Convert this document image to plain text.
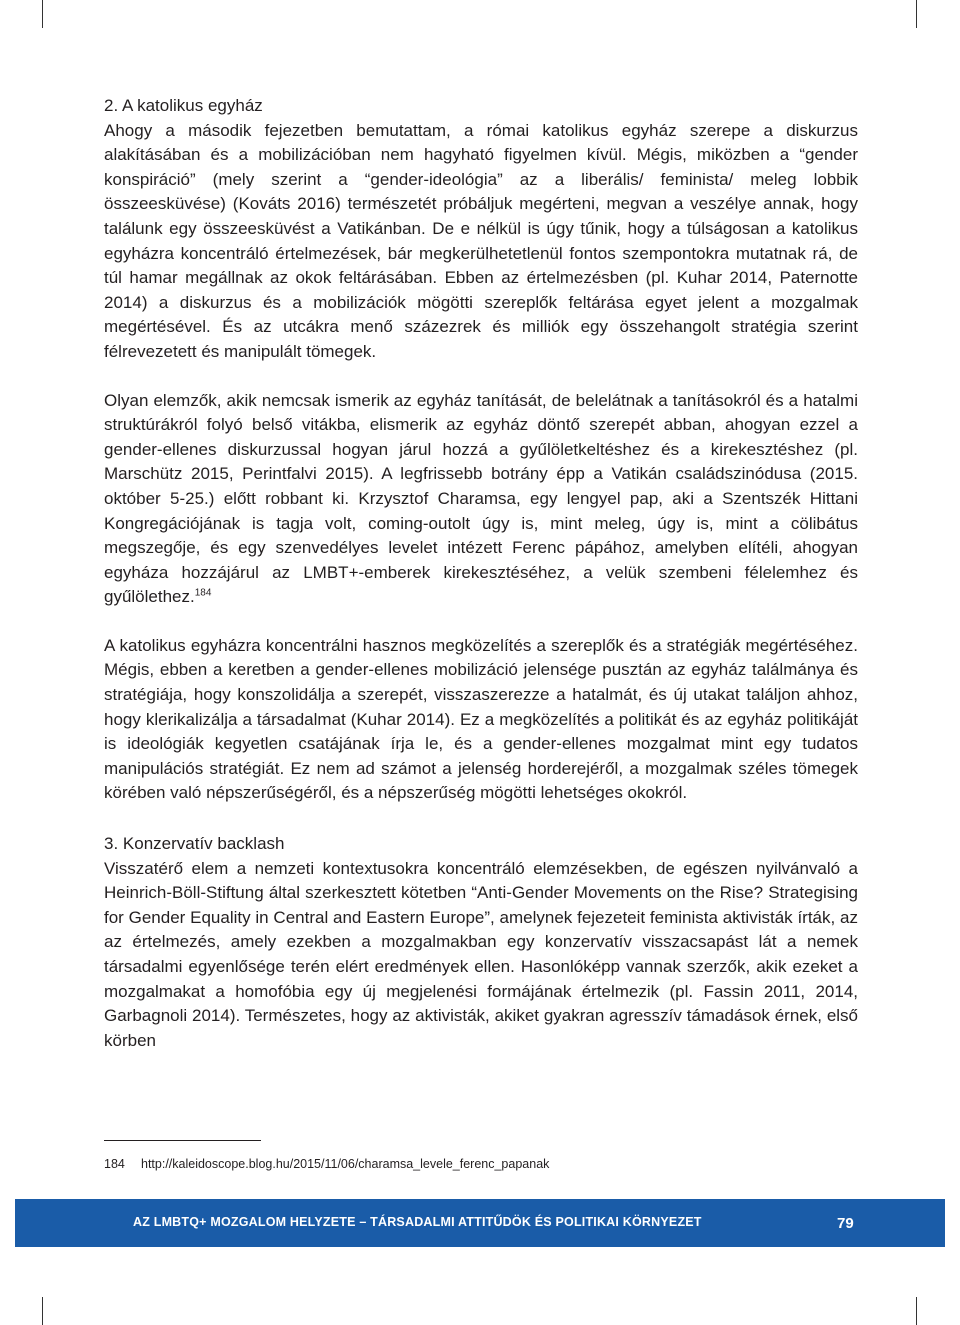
2. A katolikus egyház

Ahogy a második fejezetben bemutattam, a római katolikus egyház szerepe a diskurzus alakításában és a mobilizációban nem hagyható figyelmen kívül. Mégis, miközben a “gender konspiráció” (mely szerint a “gender-ideológia” az a liberális/ feminista/ meleg lobbik összeesküvése) (Kováts 2016) természetét próbáljuk megérteni, megvan a veszélye annak, hogy találunk egy összeesküvést a Vatikánban. De e nélkül is úgy tűnik, hogy a túlságosan a katolikus egyházra koncentráló értelmezések, bár megkerülhetetlenül fontos szempontokra mutatnak rá, de túl hamar megállnak az okok feltárásában. Ebben az értelmezésben (pl. Kuhar 2014, Paternotte 2014) a diskurzus és a mobilizációk mögötti szereplők feltárása egyet jelent a mozgalmak megértésével. És az utcákra menő százezrek és milliók egy összehangolt stratégia szerint félrevezetett és manipulált tömegek.

Olyan elemzők, akik nemcsak ismerik az egyház tanítását, de belelátnak a tanításokról és a hatalmi struktúrákról folyó belső vitákba, elismerik az egyház döntő szerepét abban, ahogyan ezzel a gender-ellenes diskurzussal hogyan járul hozzá a gyűlöletkeltéshez és a kirekesztéshez (pl. Marschütz 2015, Perintfalvi 2015). A legfrissebb botrány épp a Vatikán családszinódusa (2015. október 5-25.) előtt robbant ki. Krzysztof Charamsa, egy lengyel pap, aki a Szentszék Hittani Kongregációjának is tagja volt, coming-outolt úgy is, mint meleg, úgy is, mint a cölibátus megszegője, és egy szenvedélyes levelet intézett Ferenc pápához, amelyben elítéli, ahogyan egyháza hozzájárul az LMBT+-emberek kirekesztéséhez, a velük szembeni félelemhez és gyűlölethez.$^{184}$

A katolikus egyházra koncentrálni hasznos megközelítés a szereplők és a stratégiák megértéséhez. Mégis, ebben a keretben a gender-ellenes mobilizáció jelensége pusztán az egyház találmánya és stratégiája, hogy konszolidálja a szerepét, visszaszerezze a hatalmát, és új utakat találjon ahhoz, hogy klerikalizálja a társadalmat (Kuhar 2014). Ez a megközelítés a politikát és az egyház politikáját is ideológiák kegyetlen csatájának írja le, és a gender-ellenes mozgalmat mint egy tudatos manipulációs stratégiát. Ez nem ad számot a jelenség horderejéről, a mozgalmak széles tömegek körében való népszerűségéről, és a népszerűség mögötti lehetséges okokról.

3. Konzervatív backlash

Visszatérő elem a nemzeti kontextusokra koncentráló elemzésekben, de egészen nyilvánvaló a Heinrich-Böll-Stiftung által szerkesztett kötetben “Anti-Gender Movements on the Rise? Strategising for Gender Equality in Central and Eastern Europe”, amelynek fejezeteit feminista aktivisták írták, az az értelmezés, amely ezekben a mozgalmakban egy konzervatív visszacsapást lát a nemek társadalmi egyenlősége terén elért eredmények ellen. Hasonlóképp vannak szerzők, akik ezeket a mozgalmakat a homofóbia egy új megjelenési formájának értelmezik (pl. Fassin 2011, 2014, Garbagnoli 2014). Természetes, hogy az aktivisták, akiket gyakran agresszív támadások érnek, első körben

184 http://kaleidoscope.blog.hu/2015/11/06/charamsa_levele_ferenc_papanak
AZ LMBTQ+ MOZGALOM HELYZETE – TÁRSADALMI ATTITŰDÖK ÉS POLITIKAI KÖRNYEZET	79
